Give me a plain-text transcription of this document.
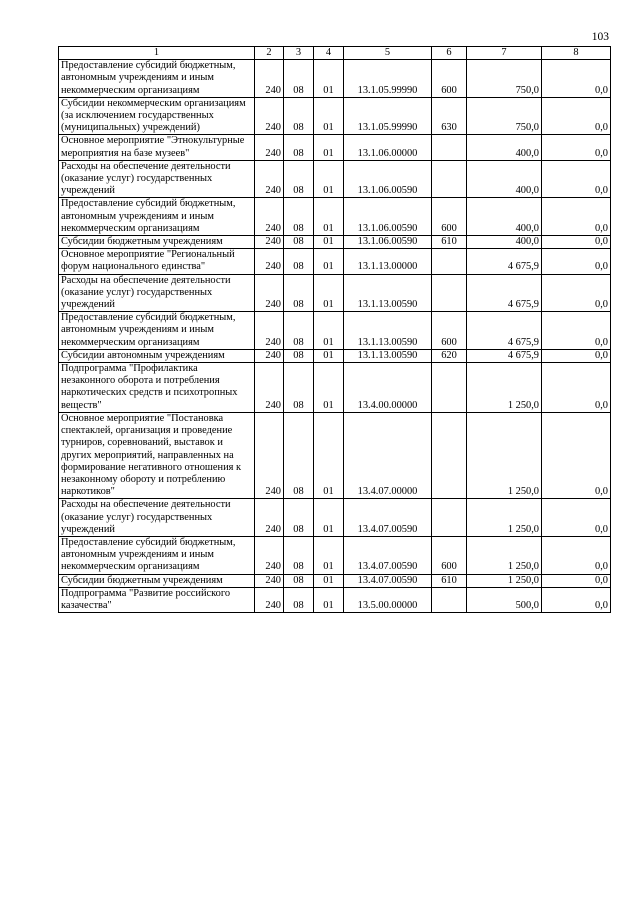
103
1	2	3	4	5	6	7	8
Предоставление субсидий бюджетным, автономным учреждениям и иным некоммерческим организациям	240	08	01	13.1.05.99990	600	750,0	0,0
Субсидии некоммерческим организациям (за исключением государственных (муниципальных) учреждений)	240	08	01	13.1.05.99990	630	750,0	0,0
Основное мероприятие "Этнокультурные мероприятия на базе музеев"	240	08	01	13.1.06.00000		400,0	0,0
Расходы на обеспечение деятельности (оказание услуг) государственных учреждений	240	08	01	13.1.06.00590		400,0	0,0
Предоставление субсидий бюджетным, автономным учреждениям и иным некоммерческим организациям	240	08	01	13.1.06.00590	600	400,0	0,0
Субсидии бюджетным учреждениям	240	08	01	13.1.06.00590	610	400,0	0,0
Основное мероприятие "Региональный форум национального единства"	240	08	01	13.1.13.00000		4 675,9	0,0
Расходы на обеспечение деятельности (оказание услуг) государственных учреждений	240	08	01	13.1.13.00590		4 675,9	0,0
Предоставление субсидий бюджетным, автономным учреждениям и иным некоммерческим организациям	240	08	01	13.1.13.00590	600	4 675,9	0,0
Субсидии автономным учреждениям	240	08	01	13.1.13.00590	620	4 675,9	0,0
Подпрограмма "Профилактика незаконного оборота и потребления наркотических средств и психотропных веществ"	240	08	01	13.4.00.00000		1 250,0	0,0
Основное мероприятие "Постановка спектаклей, организация и проведение турниров, соревнований, выставок и других мероприятий, направленных на формирование негативного отношения к незаконному обороту и потреблению наркотиков"	240	08	01	13.4.07.00000		1 250,0	0,0
Расходы на обеспечение деятельности (оказание услуг) государственных учреждений	240	08	01	13.4.07.00590		1 250,0	0,0
Предоставление субсидий бюджетным, автономным учреждениям и иным некоммерческим организациям	240	08	01	13.4.07.00590	600	1 250,0	0,0
Субсидии бюджетным учреждениям	240	08	01	13.4.07.00590	610	1 250,0	0,0
Подпрограмма "Развитие российского казачества"	240	08	01	13.5.00.00000		500,0	0,0
